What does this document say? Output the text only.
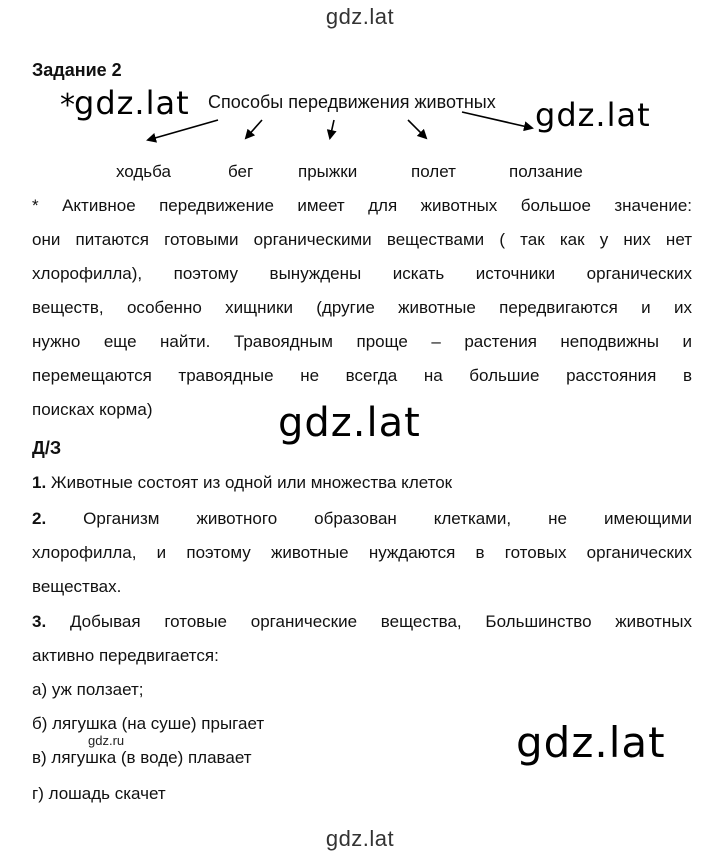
gdz.lat
gdz.lat
Задание 2
*
gdz.lat Способы передвижения животных gdz.lat
ходьба	бег	прыжки	полет	ползание
* Активное передвижение имеет для животных большое значение:
они питаются готовыми органическими веществами ( так как у них нет
хлорофилла), поэтому вынуждены искать источники органических
веществ, особенно хищники (другие животные передвигаются и их
нужно еще найти. Травоядным проще – растения неподвижны и
перемещаются травоядные не всегда на большие расстояния в
поисках корма)	gdz.lat
Д/З
1. Животные состоят из одной или множества клеток
2. Организм животного образован клетками, не имеющими
хлорофилла, и поэтому животные нуждаются в готовых органических
веществах.
3. Добывая готовые органические вещества, Большинство животных
активно передвигается:
а) уж ползает;
б) лягушка (на суше) прыгает
gdz.ru
в) лягушка (в воде) плавает
г) лошадь скачет
gdz.lat
